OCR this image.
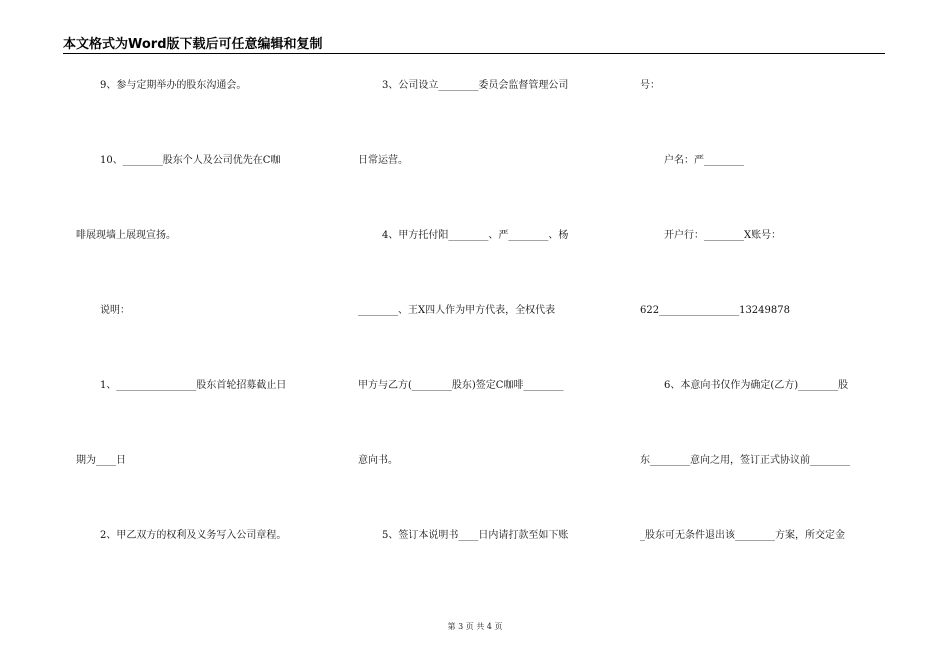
本文格式为Word版下载后可任意编辑和复制
9、参与定期举办的股东沟通会。
10、________股东个人及公司优先在C咖
啡展现墙上展现宣扬。
说明：
1、________________股东首轮招募截止日
期为____日
2、甲乙双方的权利及义务写入公司章程。
3、公司设立________委员会监督管理公司
日常运营。
4、甲方托付阳________、严________、杨
________、王X四人作为甲方代表，全权代表
甲方与乙方(________股东)签定C咖啡________
意向书。
5、签订本说明书____日内请打款至如下账
号：
户名：严________
开户行：________X账号：
622________________13249878
6、本意向书仅作为确定(乙方)________股
东________意向之用，签订正式协议前________
_股东可无条件退出该________方案，所交定金
第 3 页 共 4 页
